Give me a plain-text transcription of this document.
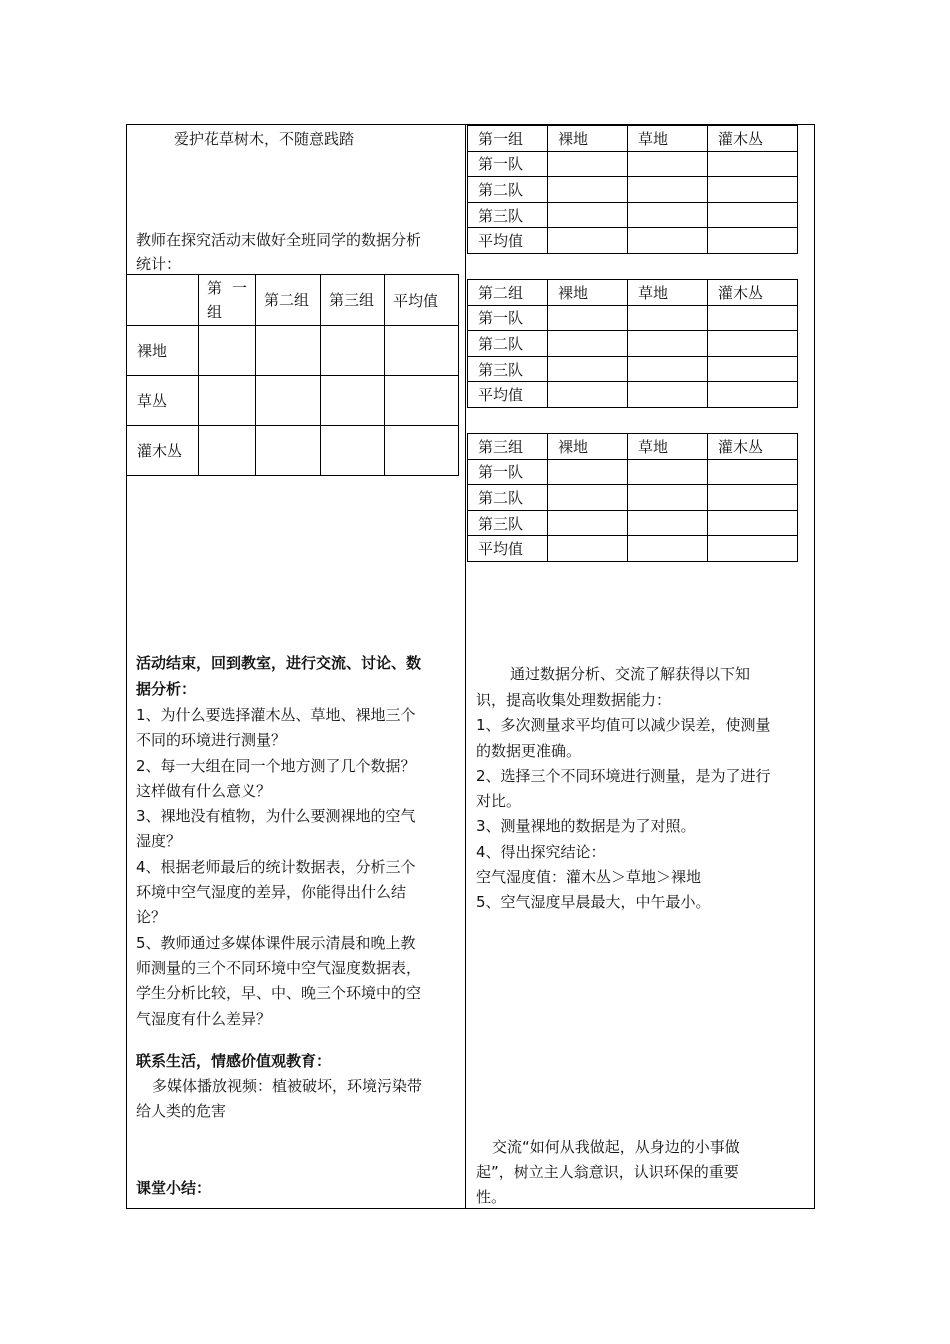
爱护花草树木，不随意践踏
教师在探究活动末做好全班同学的数据分析
统计：
	第一组	第二组	第三组	平均值
裸地				
草丛				
灌木丛				
活动结束，回到教室，进行交流、讨论、数
据分析：
1、为什么要选择灌木丛、草地、裸地三个
不同的环境进行测量？
2、每一大组在同一个地方测了几个数据？
这样做有什么意义？
3、裸地没有植物，为什么要测裸地的空气
湿度？
4、根据老师最后的统计数据表，分析三个
环境中空气湿度的差异，你能得出什么结
论？
5、教师通过多媒体课件展示清晨和晚上教
师测量的三个不同环境中空气湿度数据表，
学生分析比较，早、中、晚三个环境中的空
气湿度有什么差异？
联系生活，情感价值观教育：
多媒体播放视频：植被破坏，环境污染带
给人类的危害
课堂小结：
第一组	裸地	草地	灌木丛
第一队			
第二队			
第三队			
平均值			
第二组	裸地	草地	灌木丛
第一队			
第二队			
第三队			
平均值			
第三组	裸地	草地	灌木丛
第一队			
第二队			
第三队			
平均值			
通过数据分析、交流了解获得以下知
识，提高收集处理数据能力：
1、多次测量求平均值可以减少误差，使测量
的数据更准确。
2、选择三个不同环境进行测量，是为了进行
对比。
3、测量裸地的数据是为了对照。
4、得出探究结论：
空气湿度值：灌木丛＞草地＞裸地
5、空气湿度早晨最大，中午最小。
交流“如何从我做起，从身边的小事做
起”，树立主人翁意识，认识环保的重要
性。
